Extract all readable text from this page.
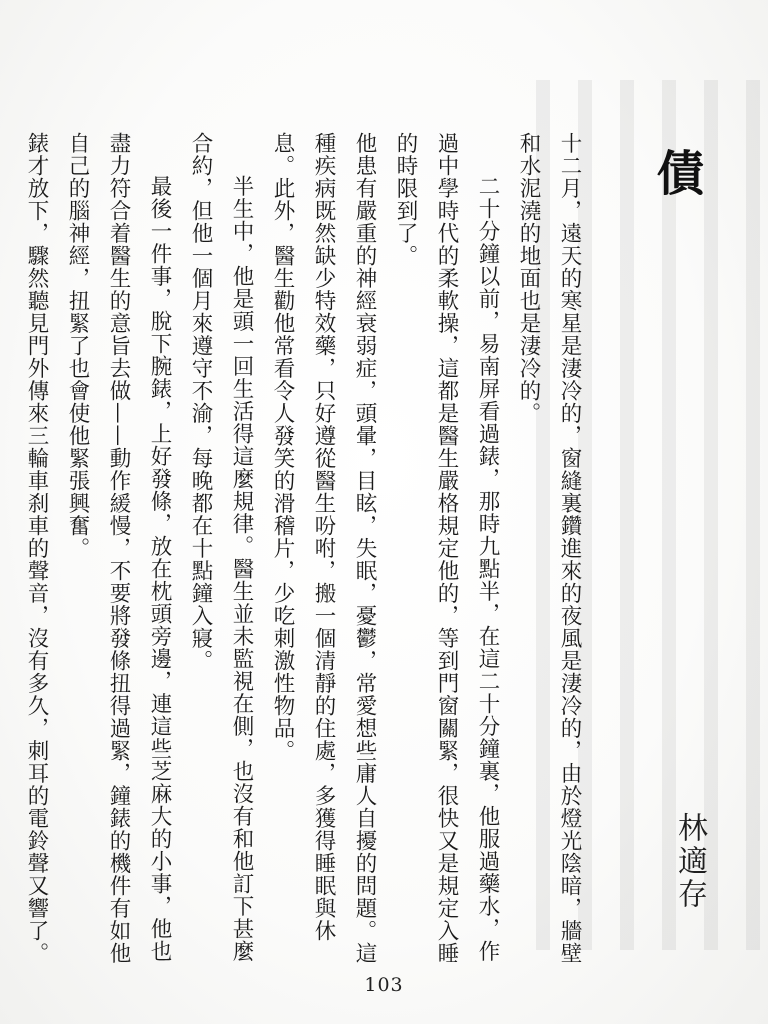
債
林適存

十二月，遠天的寒星是淒冷的，窗縫裏鑽進來的夜風是淒冷的，由於燈光陰暗，牆壁和水泥澆的地面也是淒冷的。

二十分鐘以前，易南屏看過錶，那時九點半，在這二十分鐘裏，他服過藥水，作過中學時代的柔軟操，這都是醫生嚴格規定他的，等到門窗關緊，很快又是規定入睡的時限到了。

他患有嚴重的神經衰弱症，頭暈，目眩，失眠，憂鬱，常愛想些庸人自擾的問題。這種疾病既然缺少特效藥，只好遵從醫生吩咐，搬一個清靜的住處，多獲得睡眠與休息。此外，醫生勸他常看令人發笑的滑稽片，少吃刺激性物品。

半生中，他是頭一回生活得這麼規律。醫生並未監視在側，也沒有和他訂下甚麼合約，但他一個月來遵守不渝，每晚都在十點鐘入寢。

最後一件事，脫下腕錶，上好發條，放在枕頭旁邊，連這些芝麻大的小事，他也盡力符合着醫生的意旨去做——動作緩慢，不要將發條扭得過緊，鐘錶的機件有如他自己的腦神經，扭緊了也會使他緊張興奮。

錶才放下，驟然聽見門外傳來三輪車刹車的聲音，沒有多久，刺耳的電鈴聲又響了。

103
